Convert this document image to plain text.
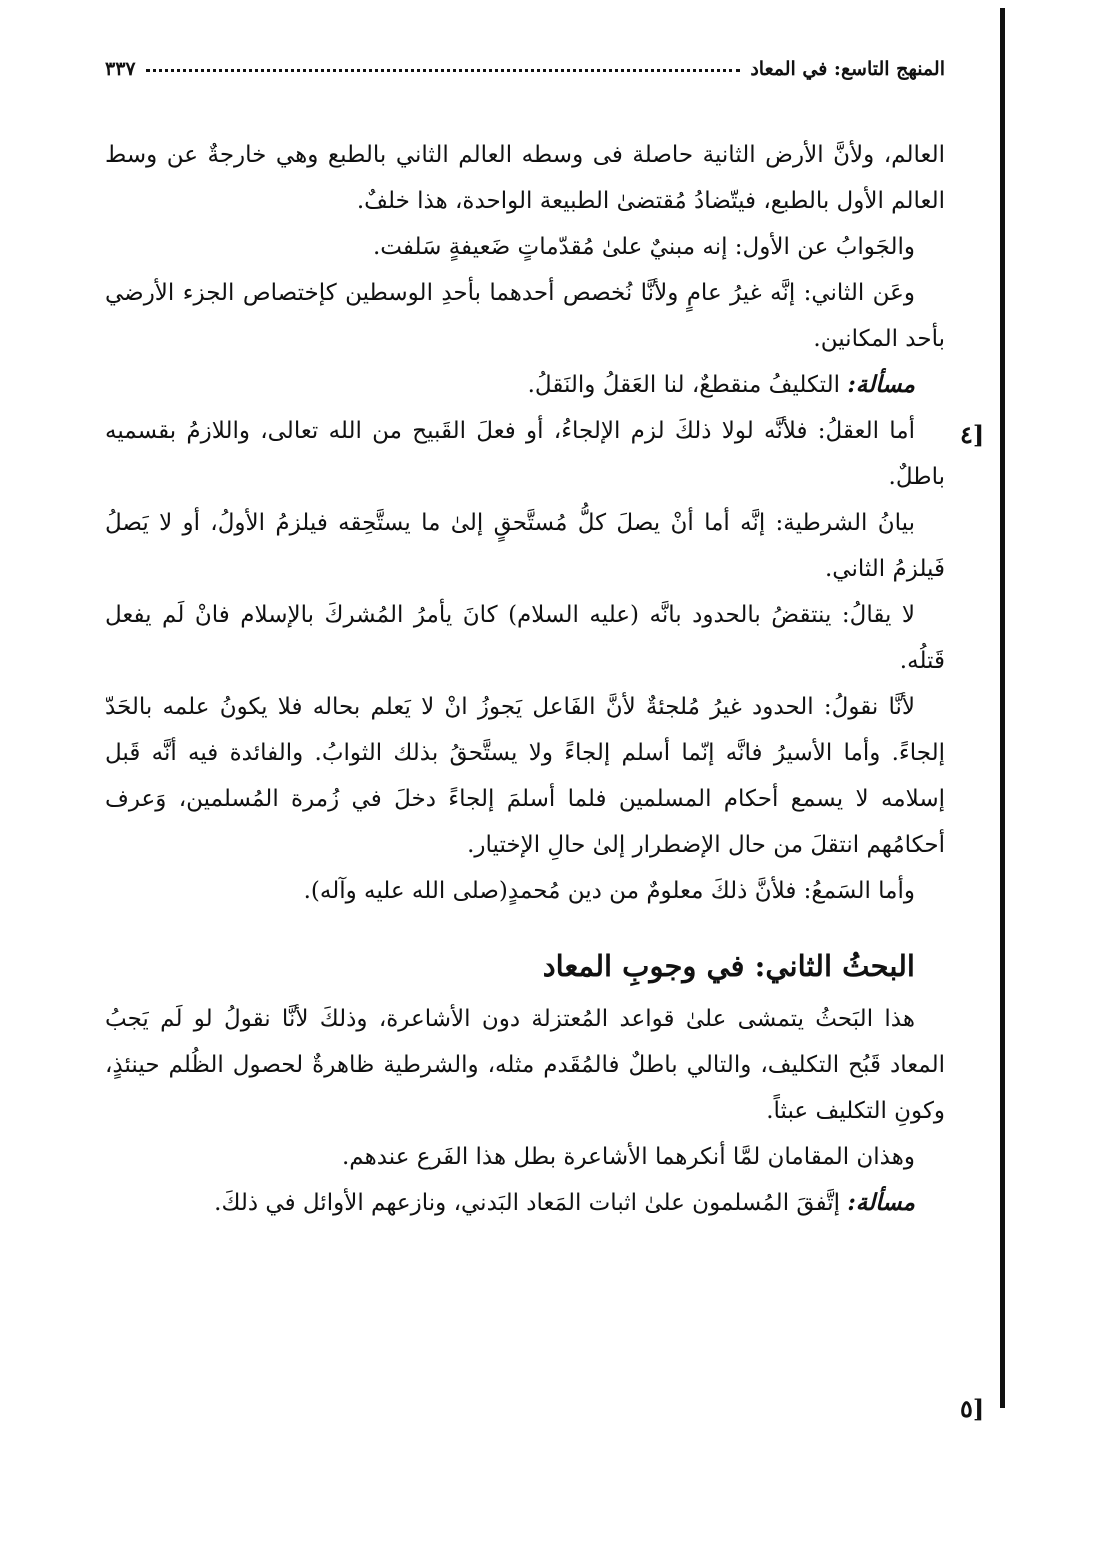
المنهج التاسع: في المعاد
٣٣٧

العالم، ولأنَّ الأرض الثانية حاصلة فى وسطه العالم الثاني بالطبع وهي خارجةٌ عن وسط العالم الأول بالطبع، فيتّضادُ مُقتضىٰ الطبيعة الواحدة، هذا خلفٌ.

والجَوابُ عن الأول: إنه مبنيٌ علىٰ مُقدّماتٍ ضَعيفةٍ سَلفت.

وعَن الثاني: إنَّه غيرُ عامٍ ولأنَّا نُخصص أحدهما بأحدِ الوسطين كإختصاص الجزء الأرضي بأحد المكانين.

مسألة: التكليفُ منقطعٌ، لنا العَقلُ والنَقلُ.

أما العقلُ: فلأنَّه لولا ذلكَ لزم الإلجاءُ، أو فعلَ القَبيح من الله تعالى، واللازمُ بقسميه باطلٌ.

بيانُ الشرطية: إنَّه أما أنْ يصلَ كلُّ مُستَّحقٍ إلىٰ ما يستَّحِقه فيلزمُ الأولُ، أو لا يَصلُ فَيلزمُ الثاني.

لا يقالُ: ينتقضُ بالحدود بانَّه (عليه السلام) كانَ يأمرُ المُشركَ بالإسلام فانْ لَم يفعل قَتلُه.

لأنَّا نقولُ: الحدود غيرُ مُلجئةٌ لأنَّ الفَاعل يَجوزُ انْ لا يَعلم بحاله فلا يكونُ علمه بالحَدّ إلجاءً. وأما الأسيرُ فانَّه إنّما أسلم إلجاءً ولا يستَّحقُ بذلك الثوابُ. والفائدة فيه أنَّه قَبل إسلامه لا يسمع أحكام المسلمين فلما أسلمَ إلجاءً دخلَ في زُمرة المُسلمين، وَعرف أحكامُهم انتقلَ من حال الإضطرار إلىٰ حالِ الإختيار.

وأما السَمعُ: فلأنَّ ذلكَ معلومٌ من دين مُحمدٍ(صلى الله عليه وآله).

البحثُ الثاني: في وجوبِ المعاد

هذا البَحثُ يتمشى علىٰ قواعد المُعتزلة دون الأشاعرة، وذلكَ لأنَّا نقولُ لو لَم يَجبُ المعاد قَبُح التكليف، والتالي باطلٌ فالمُقَدم مثله، والشرطية ظاهرةٌ لحصول الظُلم حينئذٍ، وكونِ التكليف عبثاً.

وهذان المقامان لمَّا أنكرهما الأشاعرة بطل هذا الفَرع عندهم.

مسألة: إتَّفقَ المُسلمون علىٰ اثبات المَعاد البَدني، ونازعهم الأوائل في ذلكَ.

[٤
[٥
